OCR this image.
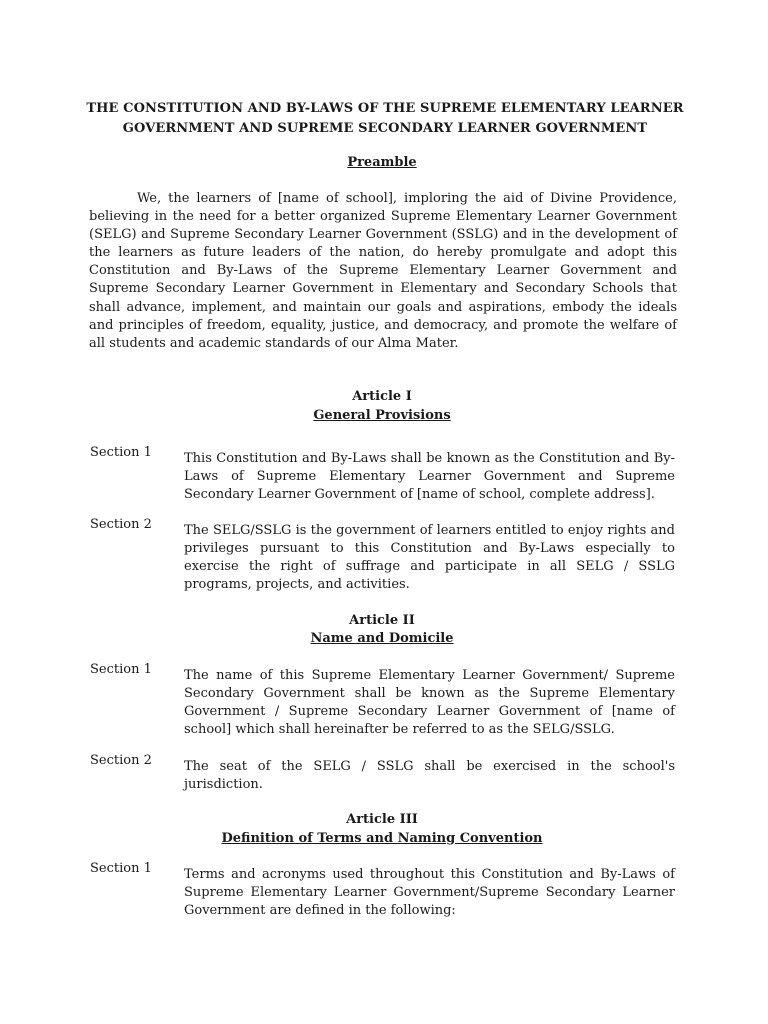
THE CONSTITUTION AND BY-LAWS OF THE SUPREME ELEMENTARY LEARNER
GOVERNMENT AND SUPREME SECONDARY LEARNER GOVERNMENT
Preamble
We, the learners of [name of school], imploring the aid of Divine Providence, believing in the need for a better organized Supreme Elementary Learner Government (SELG) and Supreme Secondary Learner Government (SSLG) and in the development of the learners as future leaders of the nation, do hereby promulgate and adopt this Constitution and By-Laws of the Supreme Elementary Learner Government and Supreme Secondary Learner Government in Elementary and Secondary Schools that shall advance, implement, and maintain our goals and aspirations, embody the ideals and principles of freedom, equality, justice, and democracy, and promote the welfare of all students and academic standards of our Alma Mater.
Article I
General Provisions
Section 1 This Constitution and By-Laws shall be known as the Constitution and By-Laws of Supreme Elementary Learner Government and Supreme Secondary Learner Government of [name of school, complete address].
Section 2 The SELG/SSLG is the government of learners entitled to enjoy rights and privileges pursuant to this Constitution and By-Laws especially to exercise the right of suffrage and participate in all SELG / SSLG programs, projects, and activities.
Article II
Name and Domicile
Section 1 The name of this Supreme Elementary Learner Government/ Supreme Secondary Government shall be known as the Supreme Elementary Government / Supreme Secondary Learner Government of [name of school] which shall hereinafter be referred to as the SELG/SSLG.
Section 2 The seat of the SELG / SSLG shall be exercised in the school's jurisdiction.
Article III
Definition of Terms and Naming Convention
Section 1 Terms and acronyms used throughout this Constitution and By-Laws of Supreme Elementary Learner Government/Supreme Secondary Learner Government are defined in the following:
